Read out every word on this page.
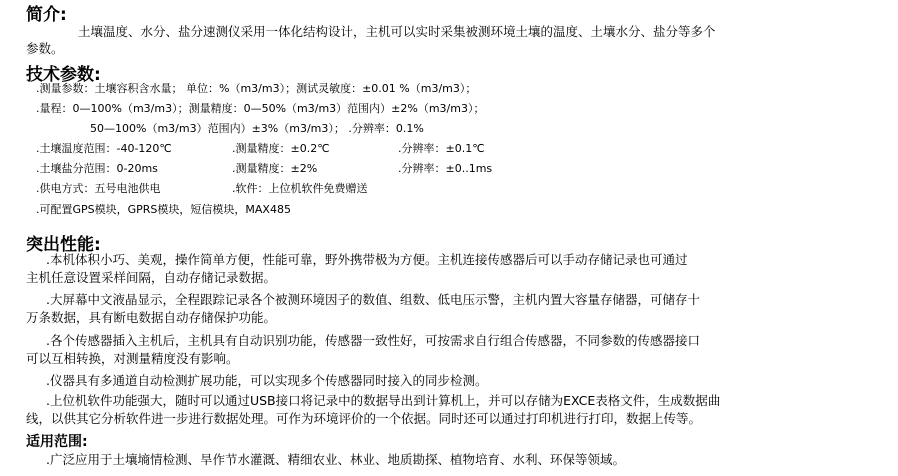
简介:
土壤温度、水分、盐分速测仪采用一体化结构设计，主机可以实时采集被测环境土壤的温度、土壤水分、盐分等多个
参数。
技术参数:
.测量参数：土壤容积含水量； 单位：%（m3/m3）；测试灵敏度：±0.01 %（m3/m3）；
.量程：0—100%（m3/m3）；测量精度：0—50%（m3/m3）范围内）±2%（m3/m3）；
50—100%（m3/m3）范围内）±3%（m3/m3）； .分辨率：0.1%
.土壤温度范围：-40-120℃	.测量精度：±0.2℃	.分辨率：±0.1℃
.土壤盐分范围：0-20ms	.测量精度：±2%	.分辨率：±0..1ms
.供电方式：五号电池供电	.软件：上位机软件免费赠送
.可配置GPS模块，GPRS模块，短信模块，MAX485
突出性能:
.本机体积小巧、美观，操作简单方便，性能可靠，野外携带极为方便。主机连接传感器后可以手动存储记录也可通过
主机任意设置采样间隔，自动存储记录数据。
.大屏幕中文液晶显示，全程跟踪记录各个被测环境因子的数值、组数、低电压示警，主机内置大容量存储器，可储存十
万条数据，具有断电数据自动存储保护功能。
.各个传感器插入主机后，主机具有自动识别功能，传感器一致性好，可按需求自行组合传感器，不同参数的传感器接口
可以互相转换，对测量精度没有影响。
.仪器具有多通道自动检测扩展功能，可以实现多个传感器同时接入的同步检测。
.上位机软件功能强大，随时可以通过USB接口将记录中的数据导出到计算机上，并可以存储为EXCE表格文件，生成数据曲
线，以供其它分析软件进一步进行数据处理。可作为环境评价的一个依据。同时还可以通过打印机进行打印，数据上传等。
适用范围:
.广泛应用于土壤墒情检测、旱作节水灌溉、精细农业、林业、地质勘探、植物培育、水利、环保等领域。
